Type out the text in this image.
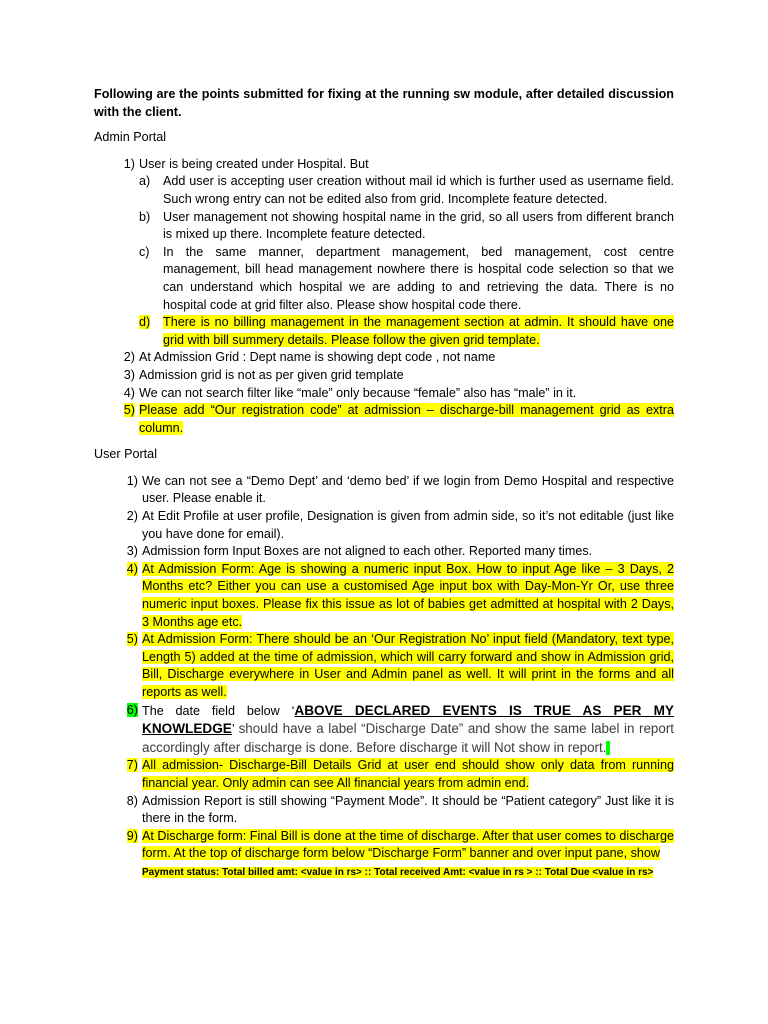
Following are the points submitted for fixing at the running sw module, after detailed discussion with the client.

Admin Portal

1) User is being created under Hospital. But
a)	Add user is accepting user creation without mail id which is further used as username field. Such wrong entry can not be edited also from grid. Incomplete feature detected.
b)	User management not showing hospital name in the grid, so all users from different branch is mixed up there. Incomplete feature detected.
c)	In the same manner, department management, bed management, cost centre management, bill head management nowhere there is hospital code selection so that we can understand which hospital we are adding to and retrieving the data. There is no hospital code at grid filter also. Please show hospital code there.
d)	There is no billing management in the management section at admin. It should have one grid with bill summery details. Please follow the given grid template.
2) At Admission Grid : Dept name is showing dept code , not name
3) Admission grid is not as per given grid template
4) We can not search filter like “male” only because “female” also has “male” in it.
5) Please add “Our registration code” at admission – discharge-bill management grid as extra column.

User Portal

1) We can not see a “Demo Dept’ and ‘demo bed’ if we login from Demo Hospital and respective user. Please enable it.
2) At Edit Profile at user profile, Designation is given from admin side, so it’s not editable (just like you have done for email).
3) Admission form Input Boxes are not aligned to each other. Reported many times.
4) At Admission Form: Age is showing a numeric input Box. How to input Age like – 3 Days, 2 Months etc? Either you can use a customised Age input box with Day-Mon-Yr Or, use three numeric input boxes. Please fix this issue as lot of babies get admitted at hospital with 2 Days, 3 Months age etc.
5) At Admission Form: There should be an ‘Our Registration No’ input field (Mandatory, text type, Length 5) added at the time of admission, which will carry forward and show in Admission grid, Bill, Discharge everywhere in User and Admin panel as well. It will print in the forms and all reports as well.
6) The date field below ‘ABOVE DECLARED EVENTS IS TRUE AS PER MY KNOWLEDGE’ should have a label “Discharge Date” and show the same label in report accordingly after discharge is done. Before discharge it will Not show in report.
7) All admission- Discharge-Bill Details Grid at user end should show only data from running financial year. Only admin can see All financial years from admin end.
8) Admission Report is still showing “Payment Mode”. It should be “Patient category” Just like it is there in the form.
9) At Discharge form: Final Bill is done at the time of discharge. After that user comes to discharge form. At the top of discharge form below “Discharge Form” banner and over input pane, show
Payment status: Total billed amt: <value in rs> :: Total received Amt: <value in rs > :: Total Due <value in rs>
